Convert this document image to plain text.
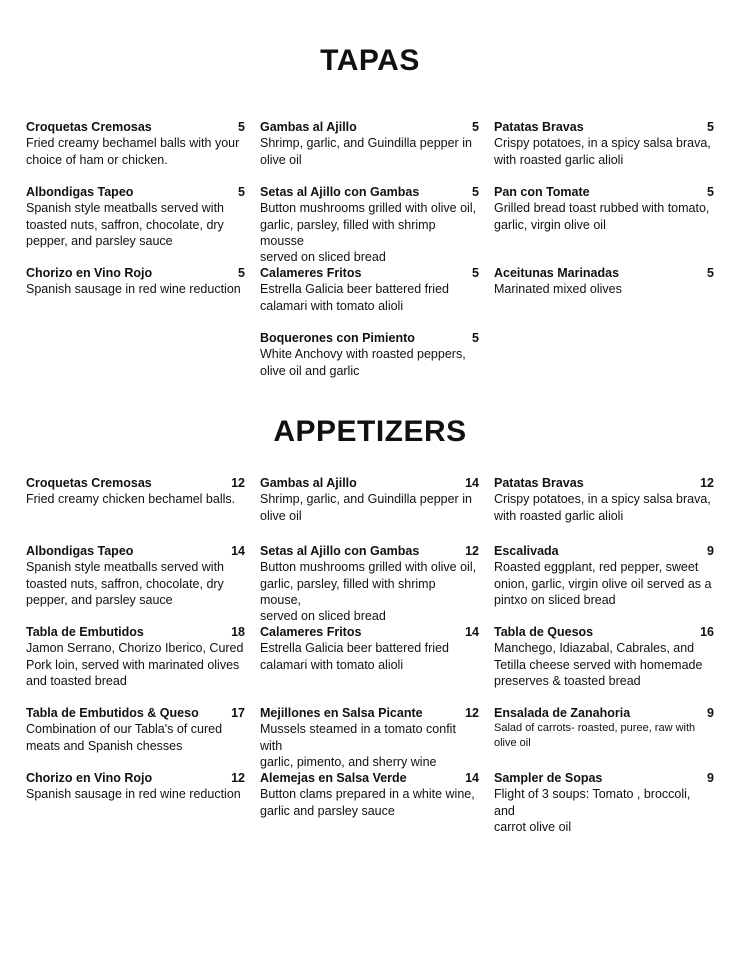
TAPAS
Croquetas Cremosas	5
Fried creamy bechamel balls with your
choice of ham or chicken.
Gambas al Ajillo	5
Shrimp, garlic, and Guindilla pepper in
olive oil
Patatas Bravas	5
Crispy potatoes, in a spicy salsa brava,
with roasted garlic alioli
Albondigas Tapeo	5
Spanish style meatballs served with
toasted nuts, saffron, chocolate, dry
pepper, and parsley sauce
Setas al Ajillo con Gambas	5
Button mushrooms grilled with olive oil,
garlic, parsley, filled with shrimp mousse
served on sliced bread
Pan con Tomate	5
Grilled bread toast rubbed with tomato,
garlic, virgin olive oil
Chorizo en Vino Rojo	5
Spanish sausage in red wine reduction
Calameres Fritos	5
Estrella Galicia beer battered fried
calamari with tomato alioli
Aceitunas Marinadas	5
Marinated mixed olives
Boquerones con Pimiento	5
White Anchovy with roasted peppers,
olive oil and garlic
APPETIZERS
Croquetas Cremosas	12
Fried creamy chicken bechamel balls.
Gambas al Ajillo	14
Shrimp, garlic, and Guindilla pepper in
olive oil
Patatas Bravas	12
Crispy potatoes, in a spicy salsa brava,
with roasted garlic alioli
Albondigas Tapeo	14
Spanish style meatballs served with
toasted nuts, saffron, chocolate, dry
pepper, and parsley sauce
Setas al Ajillo con Gambas	12
Button mushrooms grilled with olive oil,
garlic, parsley, filled with shrimp mouse,
served on sliced bread
Escalivada	9
Roasted eggplant, red pepper, sweet
onion, garlic, virgin olive oil served as a
pintxo on sliced bread
Tabla de Embutidos	18
Jamon Serrano, Chorizo Iberico, Cured
Pork loin, served with marinated olives
and toasted bread
Calameres Fritos	14
Estrella Galicia beer battered fried
calamari with tomato alioli
Tabla de Quesos	16
Manchego, Idiazabal, Cabrales, and
Tetilla cheese served with homemade
preserves & toasted bread
Tabla de Embutidos & Queso	17
Combination of our Tabla's of cured
meats and Spanish chesses
Mejillones en Salsa Picante	12
Mussels steamed in a tomato confit with
garlic, pimento, and sherry wine
Ensalada de Zanahoria	9
Salad of carrots- roasted, puree, raw with
olive oil
Chorizo en Vino Rojo	12
Spanish sausage in red wine reduction
Alemejas en Salsa Verde	14
Button clams prepared in a white wine,
garlic and parsley sauce
Sampler de Sopas	9
Flight of 3 soups: Tomato , broccoli, and
carrot olive oil
